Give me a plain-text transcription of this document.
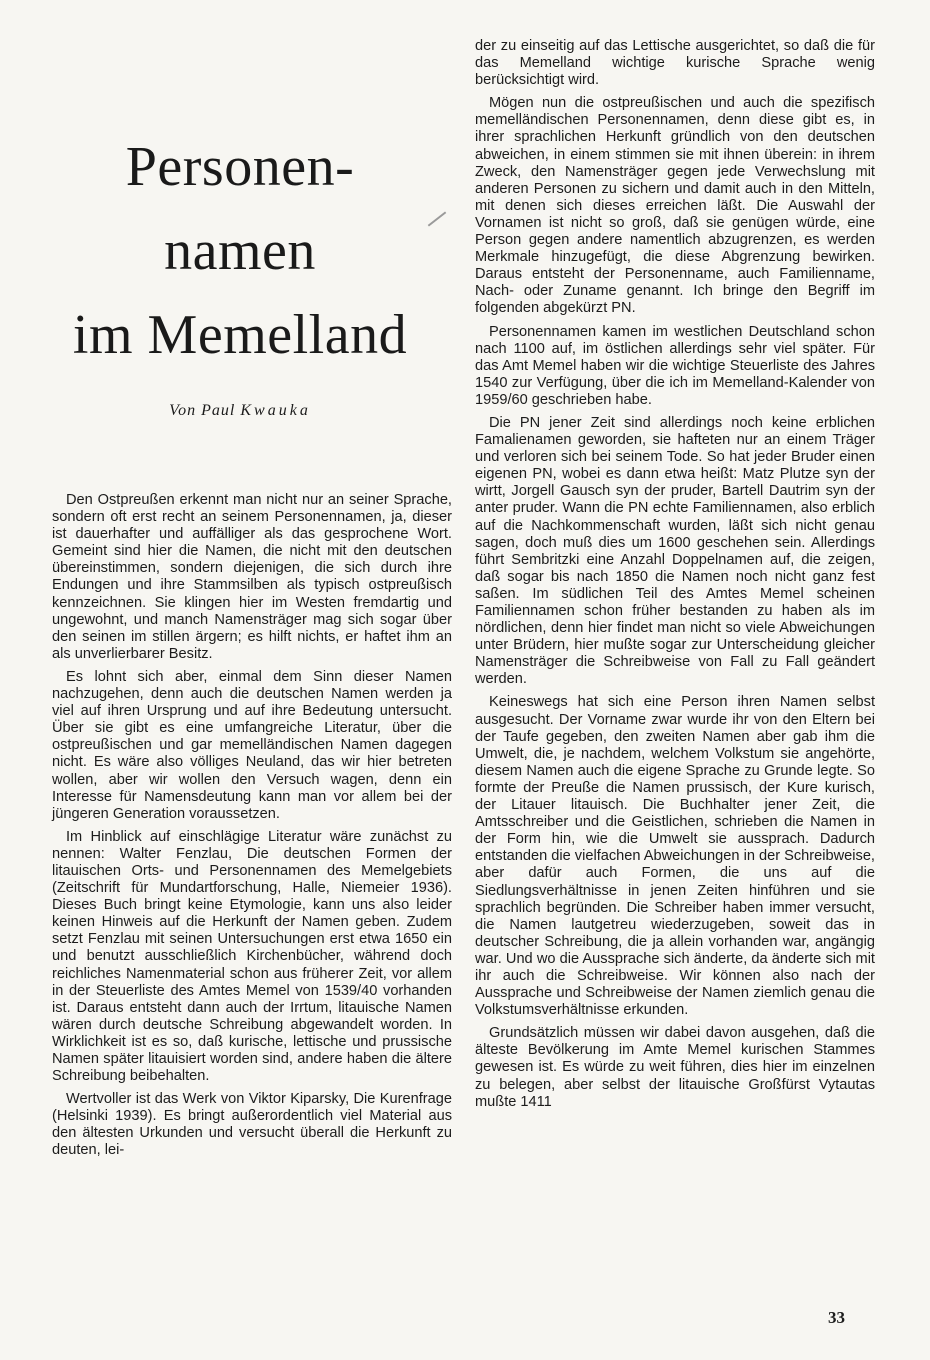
Personen-
namen
im Memelland
Von Paul Kwauka

Den Ostpreußen erkennt man nicht nur an seiner Sprache, sondern oft erst recht an seinem Personennamen, ja, dieser ist dauerhafter und auffälliger als das gesprochene Wort. Gemeint sind hier die Namen, die nicht mit den deutschen übereinstimmen, sondern diejenigen, die sich durch ihre Endungen und ihre Stammsilben als typisch ostpreußisch kennzeichnen. Sie klingen hier im Westen fremdartig und ungewohnt, und manch Namensträger mag sich sogar über den seinen im stillen ärgern; es hilft nichts, er haftet ihm an als unverlierbarer Besitz.

Es lohnt sich aber, einmal dem Sinn dieser Namen nachzugehen, denn auch die deutschen Namen werden ja viel auf ihren Ursprung und auf ihre Bedeutung untersucht. Über sie gibt es eine umfangreiche Literatur, über die ostpreußischen und gar memelländischen Namen dagegen nicht. Es wäre also völliges Neuland, das wir hier betreten wollen, aber wir wollen den Versuch wagen, denn ein Interesse für Namensdeutung kann man vor allem bei der jüngeren Generation voraussetzen.

Im Hinblick auf einschlägige Literatur wäre zunächst zu nennen: Walter Fenzlau, Die deutschen Formen der litauischen Orts- und Personennamen des Memelgebiets (Zeitschrift für Mundartforschung, Halle, Niemeier 1936). Dieses Buch bringt keine Etymologie, kann uns also leider keinen Hinweis auf die Herkunft der Namen geben. Zudem setzt Fenzlau mit seinen Untersuchungen erst etwa 1650 ein und benutzt ausschließlich Kirchenbücher, während doch reichliches Namenmaterial schon aus früherer Zeit, vor allem in der Steuerliste des Amtes Memel von 1539/40 vorhanden ist. Daraus entsteht dann auch der Irrtum, litauische Namen wären durch deutsche Schreibung abgewandelt worden. In Wirklichkeit ist es so, daß kurische, lettische und prussische Namen später litauisiert worden sind, andere haben die ältere Schreibung beibehalten.

Wertvoller ist das Werk von Viktor Kiparsky, Die Kurenfrage (Helsinki 1939). Es bringt außerordentlich viel Material aus den ältesten Urkunden und versucht überall die Herkunft zu deuten, lei-

der zu einseitig auf das Lettische ausgerichtet, so daß die für das Memelland wichtige kurische Sprache wenig berücksichtigt wird.

Mögen nun die ostpreußischen und auch die spezifisch memelländischen Personennamen, denn diese gibt es, in ihrer sprachlichen Herkunft gründlich von den deutschen abweichen, in einem stimmen sie mit ihnen überein: in ihrem Zweck, den Namensträger gegen jede Verwechslung mit anderen Personen zu sichern und damit auch in den Mitteln, mit denen sich dieses erreichen läßt. Die Auswahl der Vornamen ist nicht so groß, daß sie genügen würde, eine Person gegen andere namentlich abzugrenzen, es werden Merkmale hinzugefügt, die diese Abgrenzung bewirken. Daraus entsteht der Personenname, auch Familienname, Nach- oder Zuname genannt. Ich bringe den Begriff im folgenden abgekürzt PN.

Personennamen kamen im westlichen Deutschland schon nach 1100 auf, im östlichen allerdings sehr viel später. Für das Amt Memel haben wir die wichtige Steuerliste des Jahres 1540 zur Verfügung, über die ich im Memelland-Kalender von 1959/60 geschrieben habe.

Die PN jener Zeit sind allerdings noch keine erblichen Famalienamen geworden, sie hafteten nur an einem Träger und verloren sich bei seinem Tode. So hat jeder Bruder einen eigenen PN, wobei es dann etwa heißt: Matz Plutze syn der wirtt, Jorgell Gausch syn der pruder, Bartell Dautrim syn der anter pruder. Wann die PN echte Familiennamen, also erblich auf die Nachkommenschaft wurden, läßt sich nicht genau sagen, doch muß dies um 1600 geschehen sein. Allerdings führt Sembritzki eine Anzahl Doppelnamen auf, die zeigen, daß sogar bis nach 1850 die Namen noch nicht ganz fest saßen. Im südlichen Teil des Amtes Memel scheinen Familiennamen schon früher bestanden zu haben als im nördlichen, denn hier findet man nicht so viele Abweichungen unter Brüdern, hier mußte sogar zur Unterscheidung gleicher Namensträger die Schreibweise von Fall zu Fall geändert werden.

Keineswegs hat sich eine Person ihren Namen selbst ausgesucht. Der Vorname zwar wurde ihr von den Eltern bei der Taufe gegeben, den zweiten Namen aber gab ihm die Umwelt, die, je nachdem, welchem Volkstum sie angehörte, diesem Namen auch die eigene Sprache zu Grunde legte. So formte der Preuße die Namen prussisch, der Kure kurisch, der Litauer litauisch. Die Buchhalter jener Zeit, die Amtsschreiber und die Geistlichen, schrieben die Namen in der Form hin, wie die Umwelt sie aussprach. Dadurch entstanden die vielfachen Abweichungen in der Schreibweise, aber dafür auch Formen, die uns auf die Siedlungsverhältnisse in jenen Zeiten hinführen und sie sprachlich begründen. Die Schreiber haben immer versucht, die Namen lautgetreu wiederzugeben, soweit das in deutscher Schreibung, die ja allein vorhanden war, angängig war. Und wo die Aussprache sich änderte, da änderte sich mit ihr auch die Schreibweise. Wir können also nach der Aussprache und Schreibweise der Namen ziemlich genau die Volkstumsverhältnisse erkunden.

Grundsätzlich müssen wir dabei davon ausgehen, daß die älteste Bevölkerung im Amte Memel kurischen Stammes gewesen ist. Es würde zu weit führen, dies hier im einzelnen zu belegen, aber selbst der litauische Großfürst Vytautas mußte 1411

33
